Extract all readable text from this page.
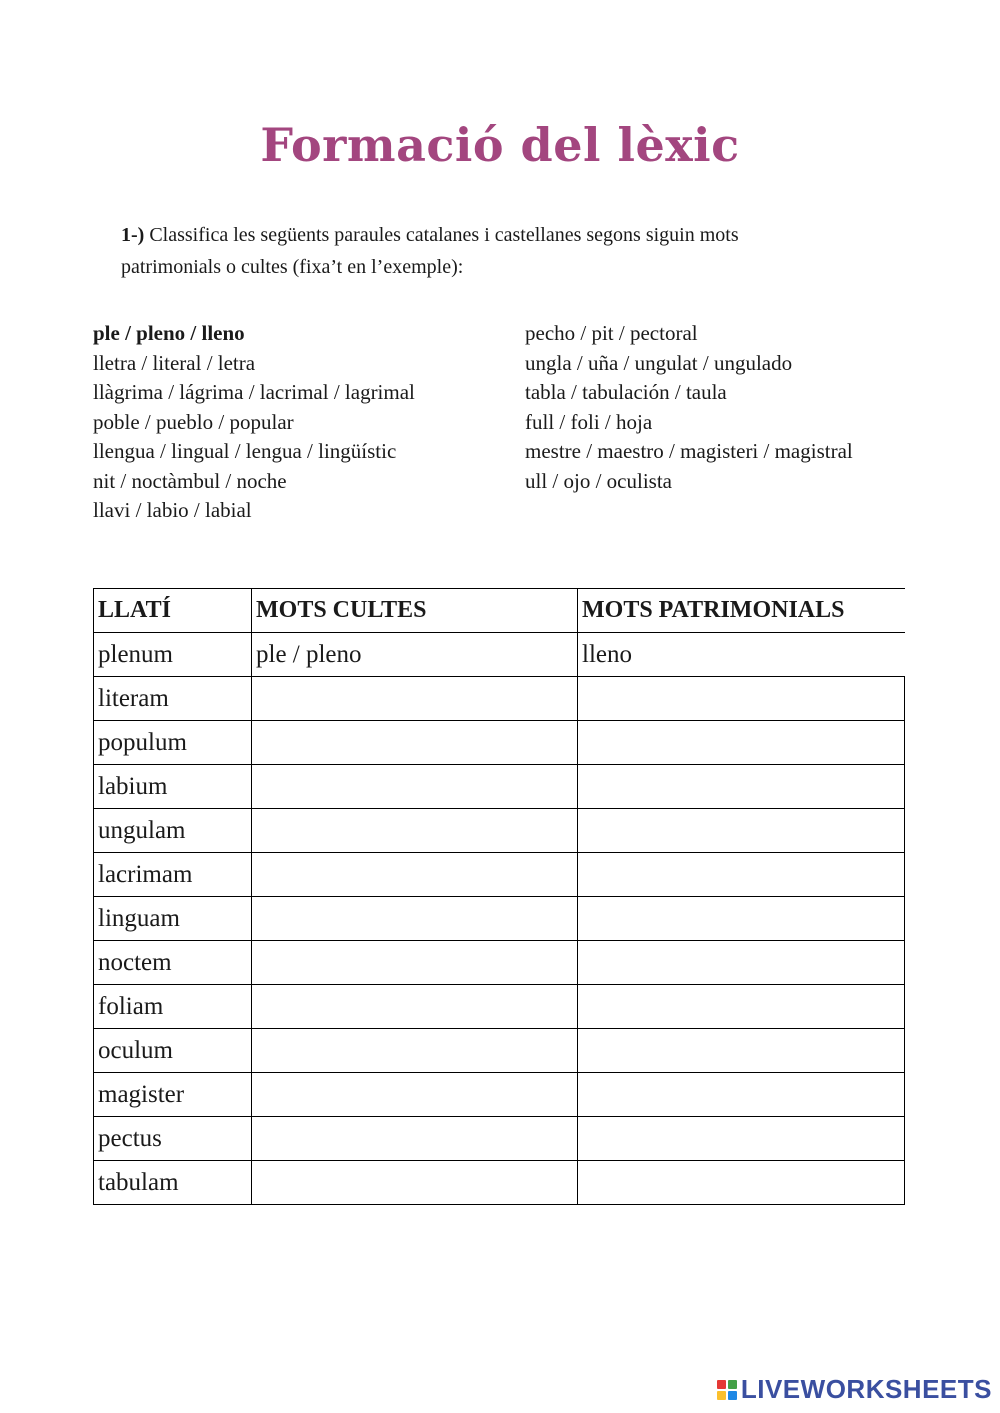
Formació del lèxic
1-) Classifica les següents paraules catalanes i castellanes segons siguin mots patrimonials o cultes (fixa’t en l’exemple):
ple / pleno / lleno
lletra / literal / letra
llàgrima / lágrima / lacrimal / lagrimal
poble / pueblo / popular
llengua / lingual / lengua / lingüístic
nit / noctàmbul / noche
llavi / labio / labial
pecho / pit / pectoral
ungla / uña / ungulat / ungulado
tabla / tabulación / taula
full / foli / hoja
mestre / maestro / magisteri / magistral
ull / ojo / oculista
LLATÍ	MOTS CULTES	MOTS PATRIMONIALS
plenum	ple / pleno	lleno
literam		
populum		
labium		
ungulam		
lacrimam		
linguam		
noctem		
foliam		
oculum		
magister		
pectus		
tabulam		
LIVEWORKSHEETS
